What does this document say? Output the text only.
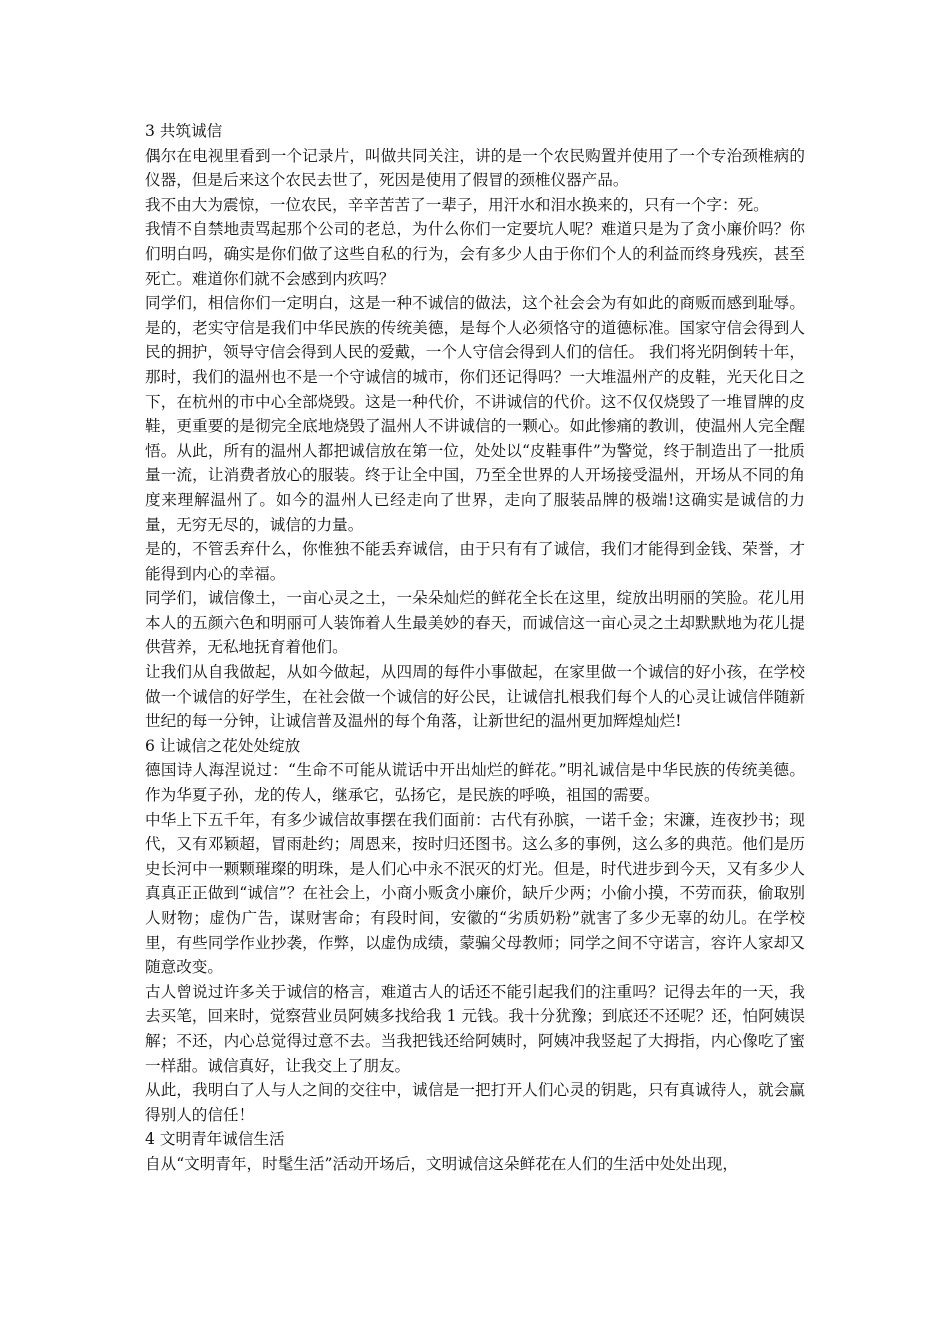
3 共筑诚信

偶尔在电视里看到一个记录片，叫做共同关注，讲的是一个农民购置并使用了一个专治颈椎病的仪器，但是后来这个农民去世了，死因是使用了假冒的颈椎仪器产品。

我不由大为震惊，一位农民，辛辛苦苦了一辈子，用汗水和泪水换来的，只有一个字：死。

我情不自禁地责骂起那个公司的老总，为什么你们一定要坑人呢？难道只是为了贪小廉价吗？你们明白吗，确实是你们做了这些自私的行为，会有多少人由于你们个人的利益而终身残疾，甚至死亡。难道你们就不会感到内疚吗？

同学们，相信你们一定明白，这是一种不诚信的做法，这个社会会为有如此的商贩而感到耻辱。是的，老实守信是我们中华民族的传统美德，是每个人必须恪守的道德标准。国家守信会得到人民的拥护，领导守信会得到人民的爱戴，一个人守信会得到人们的信任。 我们将光阴倒转十年，那时，我们的温州也不是一个守诚信的城市，你们还记得吗？一大堆温州产的皮鞋，光天化日之下，在杭州的市中心全部烧毁。这是一种代价，不讲诚信的代价。这不仅仅烧毁了一堆冒牌的皮鞋，更重要的是彻完全底地烧毁了温州人不讲诚信的一颗心。如此惨痛的教训，使温州人完全醒悟。从此，所有的温州人都把诚信放在第一位，处处以“皮鞋事件”为警觉，终于制造出了一批质量一流，让消费者放心的服装。终于让全中国，乃至全世界的人开场接受温州，开场从不同的角度来理解温州了。如今的温州人已经走向了世界，走向了服装品牌的极端!这确实是诚信的力量，无穷无尽的，诚信的力量。

是的，不管丢弃什么，你惟独不能丢弃诚信，由于只有有了诚信，我们才能得到金钱、荣誉，才能得到内心的幸福。

同学们，诚信像土，一亩心灵之土，一朵朵灿烂的鲜花全长在这里，绽放出明丽的笑脸。花儿用本人的五颜六色和明丽可人装饰着人生最美妙的春天，而诚信这一亩心灵之土却默默地为花儿提供营养，无私地抚育着他们。

让我们从自我做起，从如今做起，从四周的每件小事做起，在家里做一个诚信的好小孩，在学校做一个诚信的好学生，在社会做一个诚信的好公民，让诚信扎根我们每个人的心灵让诚信伴随新世纪的每一分钟，让诚信普及温州的每个角落，让新世纪的温州更加辉煌灿烂!

6 让诚信之花处处绽放

德国诗人海涅说过：“生命不可能从谎话中开出灿烂的鲜花。”明礼诚信是中华民族的传统美德。作为华夏子孙，龙的传人，继承它，弘扬它，是民族的呼唤，祖国的需要。

中华上下五千年，有多少诚信故事摆在我们面前：古代有孙膑，一诺千金；宋濂，连夜抄书；现代，又有邓颖超，冒雨赴约；周恩来，按时归还图书。这么多的事例，这么多的典范。他们是历史长河中一颗颗璀璨的明珠，是人们心中永不泯灭的灯光。但是，时代进步到今天，又有多少人真真正正做到“诚信”？在社会上，小商小贩贪小廉价，缺斤少两；小偷小摸，不劳而获，偷取别人财物；虚伪广告，谋财害命；有段时间，安徽的“劣质奶粉”就害了多少无辜的幼儿。在学校里，有些同学作业抄袭，作弊，以虚伪成绩，蒙骗父母教师；同学之间不守诺言，容许人家却又随意改变。

古人曾说过许多关于诚信的格言，难道古人的话还不能引起我们的注重吗？记得去年的一天，我去买笔，回来时，觉察营业员阿姨多找给我 1 元钱。我十分犹豫；到底还不还呢？还，怕阿姨误解；不还，内心总觉得过意不去。当我把钱还给阿姨时，阿姨冲我竖起了大拇指，内心像吃了蜜一样甜。诚信真好，让我交上了朋友。

从此，我明白了人与人之间的交往中，诚信是一把打开人们心灵的钥匙，只有真诚待人，就会赢得别人的信任！

4 文明青年诚信生活

自从“文明青年，时髦生活”活动开场后，文明诚信这朵鲜花在人们的生活中处处出现，
